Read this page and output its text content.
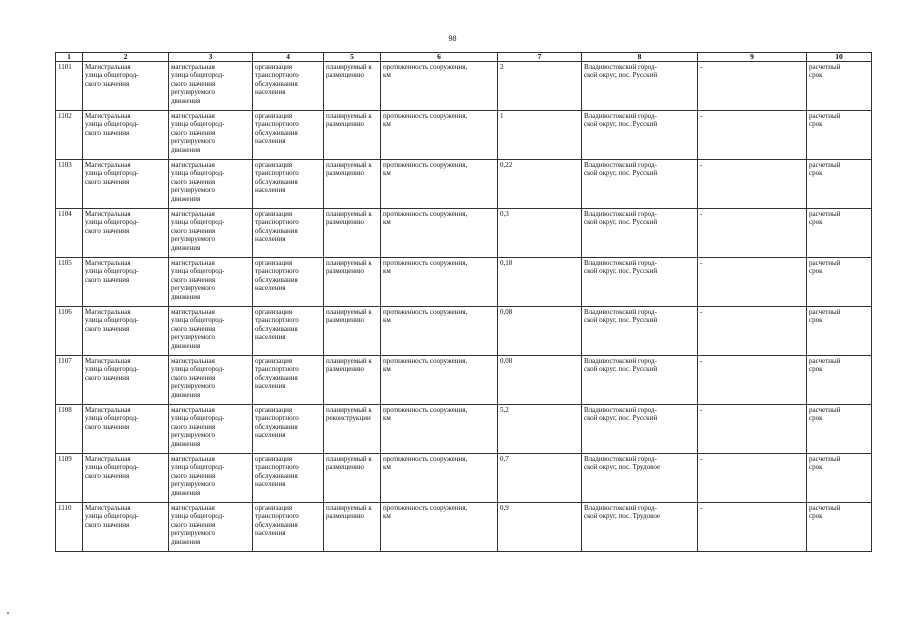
98
1	2	3	4	5	6	7	8	9	10

1101	Магистральная
улица общегород-
ского значения	магистральная
улица общегород-
ского значения
регулируемого
движения	организация
транспортного
обслуживания
населения	планируемый к
размещению	протяженность сооружения,
км	2	Владивостокский город-
ской округ, пос. Русский	-	расчетный
срок

1102	Магистральная
улица общегород-
ского значения	магистральная
улица общегород-
ского значения
регулируемого
движения	организация
транспортного
обслуживания
населения	планируемый к
размещению	протяженность сооружения,
км	1	Владивостокский город-
ской округ, пос. Русский	-	расчетный
срок

1103	Магистральная
улица общегород-
ского значения	магистральная
улица общегород-
ского значения
регулируемого
движения	организация
транспортного
обслуживания
населения	планируемый к
размещению	протяженность сооружения,
км	0,22	Владивостокский город-
ской округ, пос. Русский	-	расчетный
срок

1104	Магистральная
улица общегород-
ского значения	магистральная
улица общегород-
ского значения
регулируемого
движения	организация
транспортного
обслуживания
населения	планируемый к
размещению	протяженность сооружения,
км	0,3	Владивостокский город-
ской округ, пос. Русский	-	расчетный
срок

1105	Магистральная
улица общегород-
ского значения	магистральная
улица общегород-
ского значения
регулируемого
движения	организация
транспортного
обслуживания
населения	планируемый к
размещению	протяженность сооружения,
км	0,18	Владивостокский город-
ской округ, пос. Русский	-	расчетный
срок

1106	Магистральная
улица общегород-
ского значения	магистральная
улица общегород-
ского значения
регулируемого
движения	организация
транспортного
обслуживания
населения	планируемый к
размещению	протяженность сооружения,
км	0,08	Владивостокский город-
ской округ, пос. Русский	-	расчетный
срок

1107	Магистральная
улица общегород-
ского значения	магистральная
улица общегород-
ского значения
регулируемого
движения	организация
транспортного
обслуживания
населения	планируемый к
размещению	протяженность сооружения,
км	0,08	Владивостокский город-
ской округ, пос. Русский	-	расчетный
срок

1108	Магистральная
улица общегород-
ского значения	магистральная
улица общегород-
ского значения
регулируемого
движения	организация
транспортного
обслуживания
населения	планируемый к
реконструкции	протяженность сооружения,
км	5,2	Владивостокский город-
ской округ, пос. Русский	-	расчетный
срок

1109	Магистральная
улица общегород-
ского значения	магистральная
улица общегород-
ского значения
регулируемого
движения	организация
транспортного
обслуживания
населения	планируемый к
размещению	протяженность сооружения,
км	0,7	Владивостокский город-
ской округ, пос. Трудовое	-	расчетный
срок

1110	Магистральная
улица общегород-
ского значения	магистральная
улица общегород-
ского значения
регулируемого
движения	организация
транспортного
обслуживания
населения	планируемый к
размещению	протяженность сооружения,
км	0,9	Владивостокский город-
ской округ, пос. Трудовое	-	расчетный
срок
